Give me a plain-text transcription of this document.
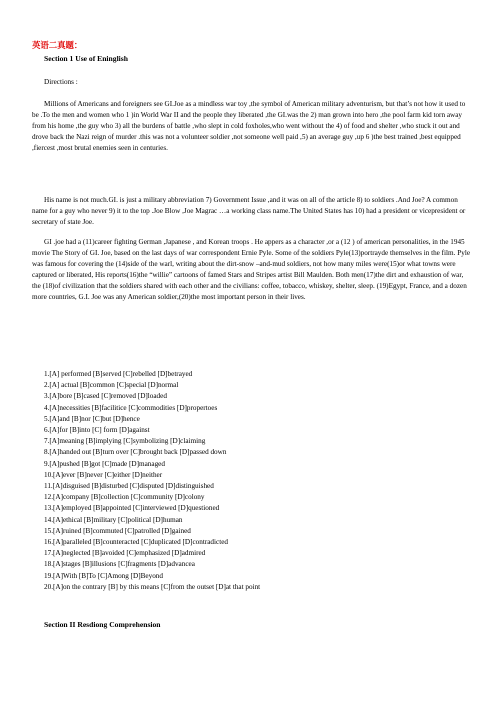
英语二真题：
Section 1 Use of Eninglish
Directions :

Millions of Americans and foreigners see GI.Joe as a mindless war toy ,the symbol of American military adventurism, but that’s not how it used to be .To the men and women who 1 )in World War II and the people they liberated ,the GI.was the 2) man grown into hero ,the pool farm kid torn away from his home ,the guy who 3) all the burdens of battle ,who slept in cold foxholes,who went without the 4) of food and shelter ,who stuck it out and drove back the Nazi reign of murder .this was not a volunteer soldier ,not someone well paid ,5) an average guy ,up 6 )the best trained ,best equipped ,fiercest ,most brutal enemies seen in centuries.

His name is not much.GI. is just a military abbreviation 7) Government Issue ,and it was on all of the article 8) to soldiers .And Joe? A common name for a guy who never 9) it to the top .Joe Blow ,Joe Magrac …a working class name.The United States has 10) had a president or vicepresident or secretary of state Joe.

GI .joe had a (11)career fighting German ,Japanese , and Korean troops . He appers as a character ,or a (12 ) of american personalities, in the 1945 movie The Story of GI. Joe, based on the last days of war correspondent Ernie Pyle. Some of the soldiers Pyle(13)portrayde themselves in the film. Pyle was famous for covering the (14)side of the warl, writing about the dirt-snow –and-mud soldiers, not how many miles were(15)or what towns were captured or liberated, His reports(16)the “willie” cartoons of famed Stars and Stripes artist Bill Maulden. Both men(17)the dirt and exhaustion of war, the (18)of civilization that the soldiers shared with each other and the civilians: coffee, tobacco, whiskey, shelter, sleep. (19)Egypt, France, and a dozen more countries, G.I. Joe was any American soldier,(20)the most important person in their lives.

1.[A] performed [B]served [C]rebelled [D]betrayed
2.[A] actual [B]common [C]special [D]normal
3.[A]bore [B]cased [C]removed [D]loaded
4.[A]necessities [B]facilitice [C]commodities [D]propertoes
5.[A]and [B]nor [C]but [D]hence
6.[A]for [B]into [C] form [D]against
7.[A]meaning [B]implying [C]symbolizing [D]claiming
8.[A]handed out [B]turn over [C]brought back [D]passed down
9.[A]pushed [B]got [C]made [D]managed
10.[A]ever [B]never [C]either [D]neither
11.[A]disguised [B]disturbed [C]disputed [D]distinguished
12.[A]company [B]collection [C]community [D]colony
13.[A]employed [B]appointed [C]interviewed [D]questioned
14.[A]ethical [B]military [C]political [D]human
15.[A]ruined [B]commuted [C]patrolled [D]gained
16.[A]paralleled [B]counteracted [C]duplicated [D]contradicted
17.[A]neglected [B]avoided [C]emphasized [D]admired
18.[A]stages [B]illusions [C]fragments [D]advancea
19.[A]With [B]To [C]Among [D]Beyond
20.[A]on the contrary [B] by this means [C]from the outset [D]at that point
Section II Resdiong Comprehension
